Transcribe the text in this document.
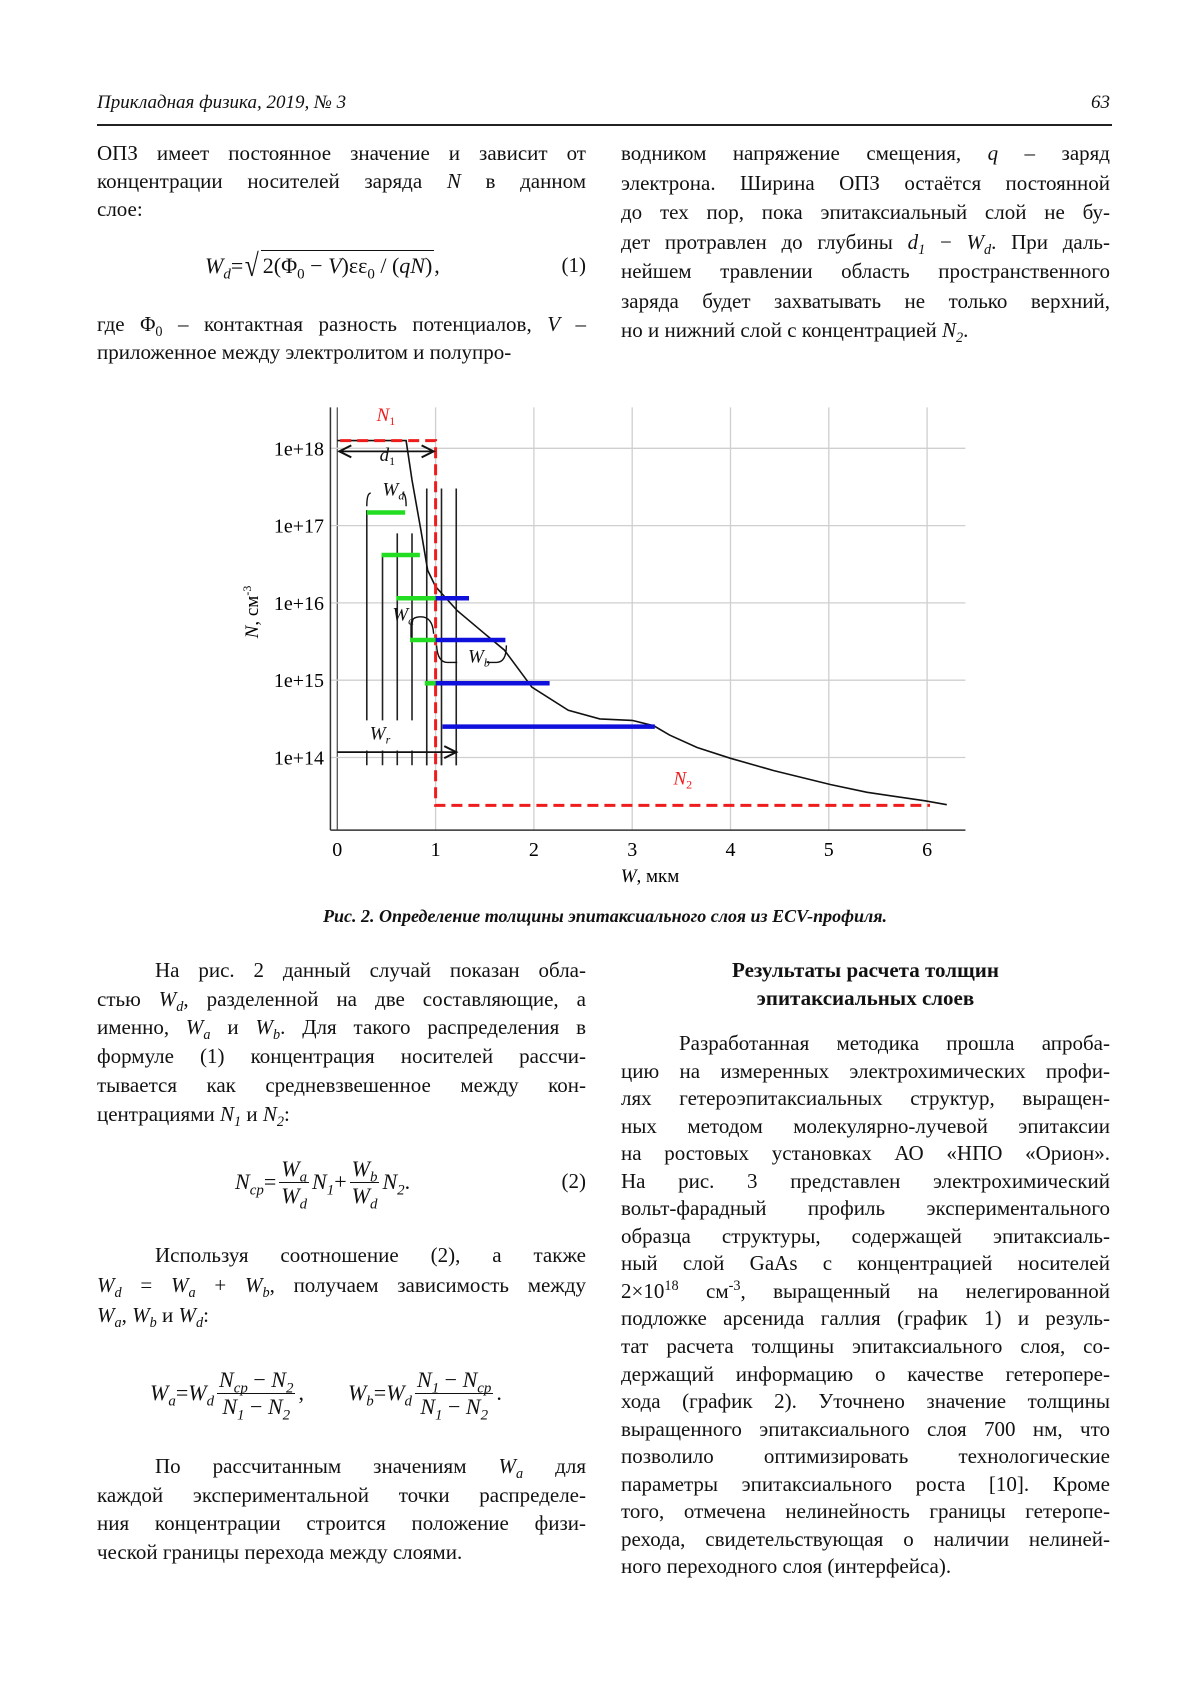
Прикладная физика, 2019, № 3	63
ОПЗ имеет постоянное значение и зависит от
концентрации носителей заряда N в данном
слое:
Wd = √ 2(Φ0 − V)εε0 / (qN) ,	(1)
где Φ0 – контактная разность потенциалов, V –
приложенное между электролитом и полупро-
водником напряжение смещения, q – заряд
электрона. Ширина ОПЗ остаётся постоянной
до тех пор, пока эпитаксиальный слой не бу-
дет протравлен до глубины d1 − Wd. При даль-
нейшем травлении область пространственного
заряда будет захватывать не только верхний,
но и нижний слой с концентрацией N2.
0	1	2	3	4	5	6
1e+18
1e+17
1e+16
1e+15
1e+14
W, мкм
N, см-3
N1
d1
Wd
Wa
Wb
Wr
N2
Рис. 2. Определение толщины эпитаксиального слоя из ECV-профиля.
На рис. 2 данный случай показан обла-
стью Wd, разделенной на две составляющие, а
именно, Wa и Wb. Для такого распределения в
формуле (1) концентрация носителей рассчи-
тывается как средневзвешенное между кон-
центрациями N1 и N2:
Nср =
Wa
Wd
N1 +
Wb
Wd
N2 .	(2)
Используя соотношение (2), а также
Wd = Wa + Wb, получаем зависимость между
Wa, Wb и Wd:
Wa = Wd
Nср − N2
N1 − N2
,
   Wb = Wd
N1 − Nср
N1 − N2
.
По рассчитанным значениям Wa для
каждой экспериментальной точки распределе-
ния концентрации строится положение физи-
ческой границы перехода между слоями.
Результаты расчета толщин
эпитаксиальных слоев
Разработанная методика прошла апроба-
цию на измеренных электрохимических профи-
лях гетероэпитаксиальных структур, выращен-
ных методом молекулярно-лучевой эпитаксии
на ростовых установках АО «НПО «Орион».
На рис. 3 представлен электрохимический
вольт-фарадный профиль экспериментального
образца структуры, содержащей эпитаксиаль-
ный слой GaAs с концентрацией носителей
2×1018 см-3, выращенный на нелегированной
подложке арсенида галлия (график 1) и резуль-
тат расчета толщины эпитаксиального слоя, со-
держащий информацию о качестве гетеропере-
хода (график 2). Уточнено значение толщины
выращенного эпитаксиального слоя 700 нм, что
позволило оптимизировать технологические
параметры эпитаксиального роста [10]. Кроме
того, отмечена нелинейность границы гетеропе-
рехода, свидетельствующая о наличии нелиней-
ного переходного слоя (интерфейса).
